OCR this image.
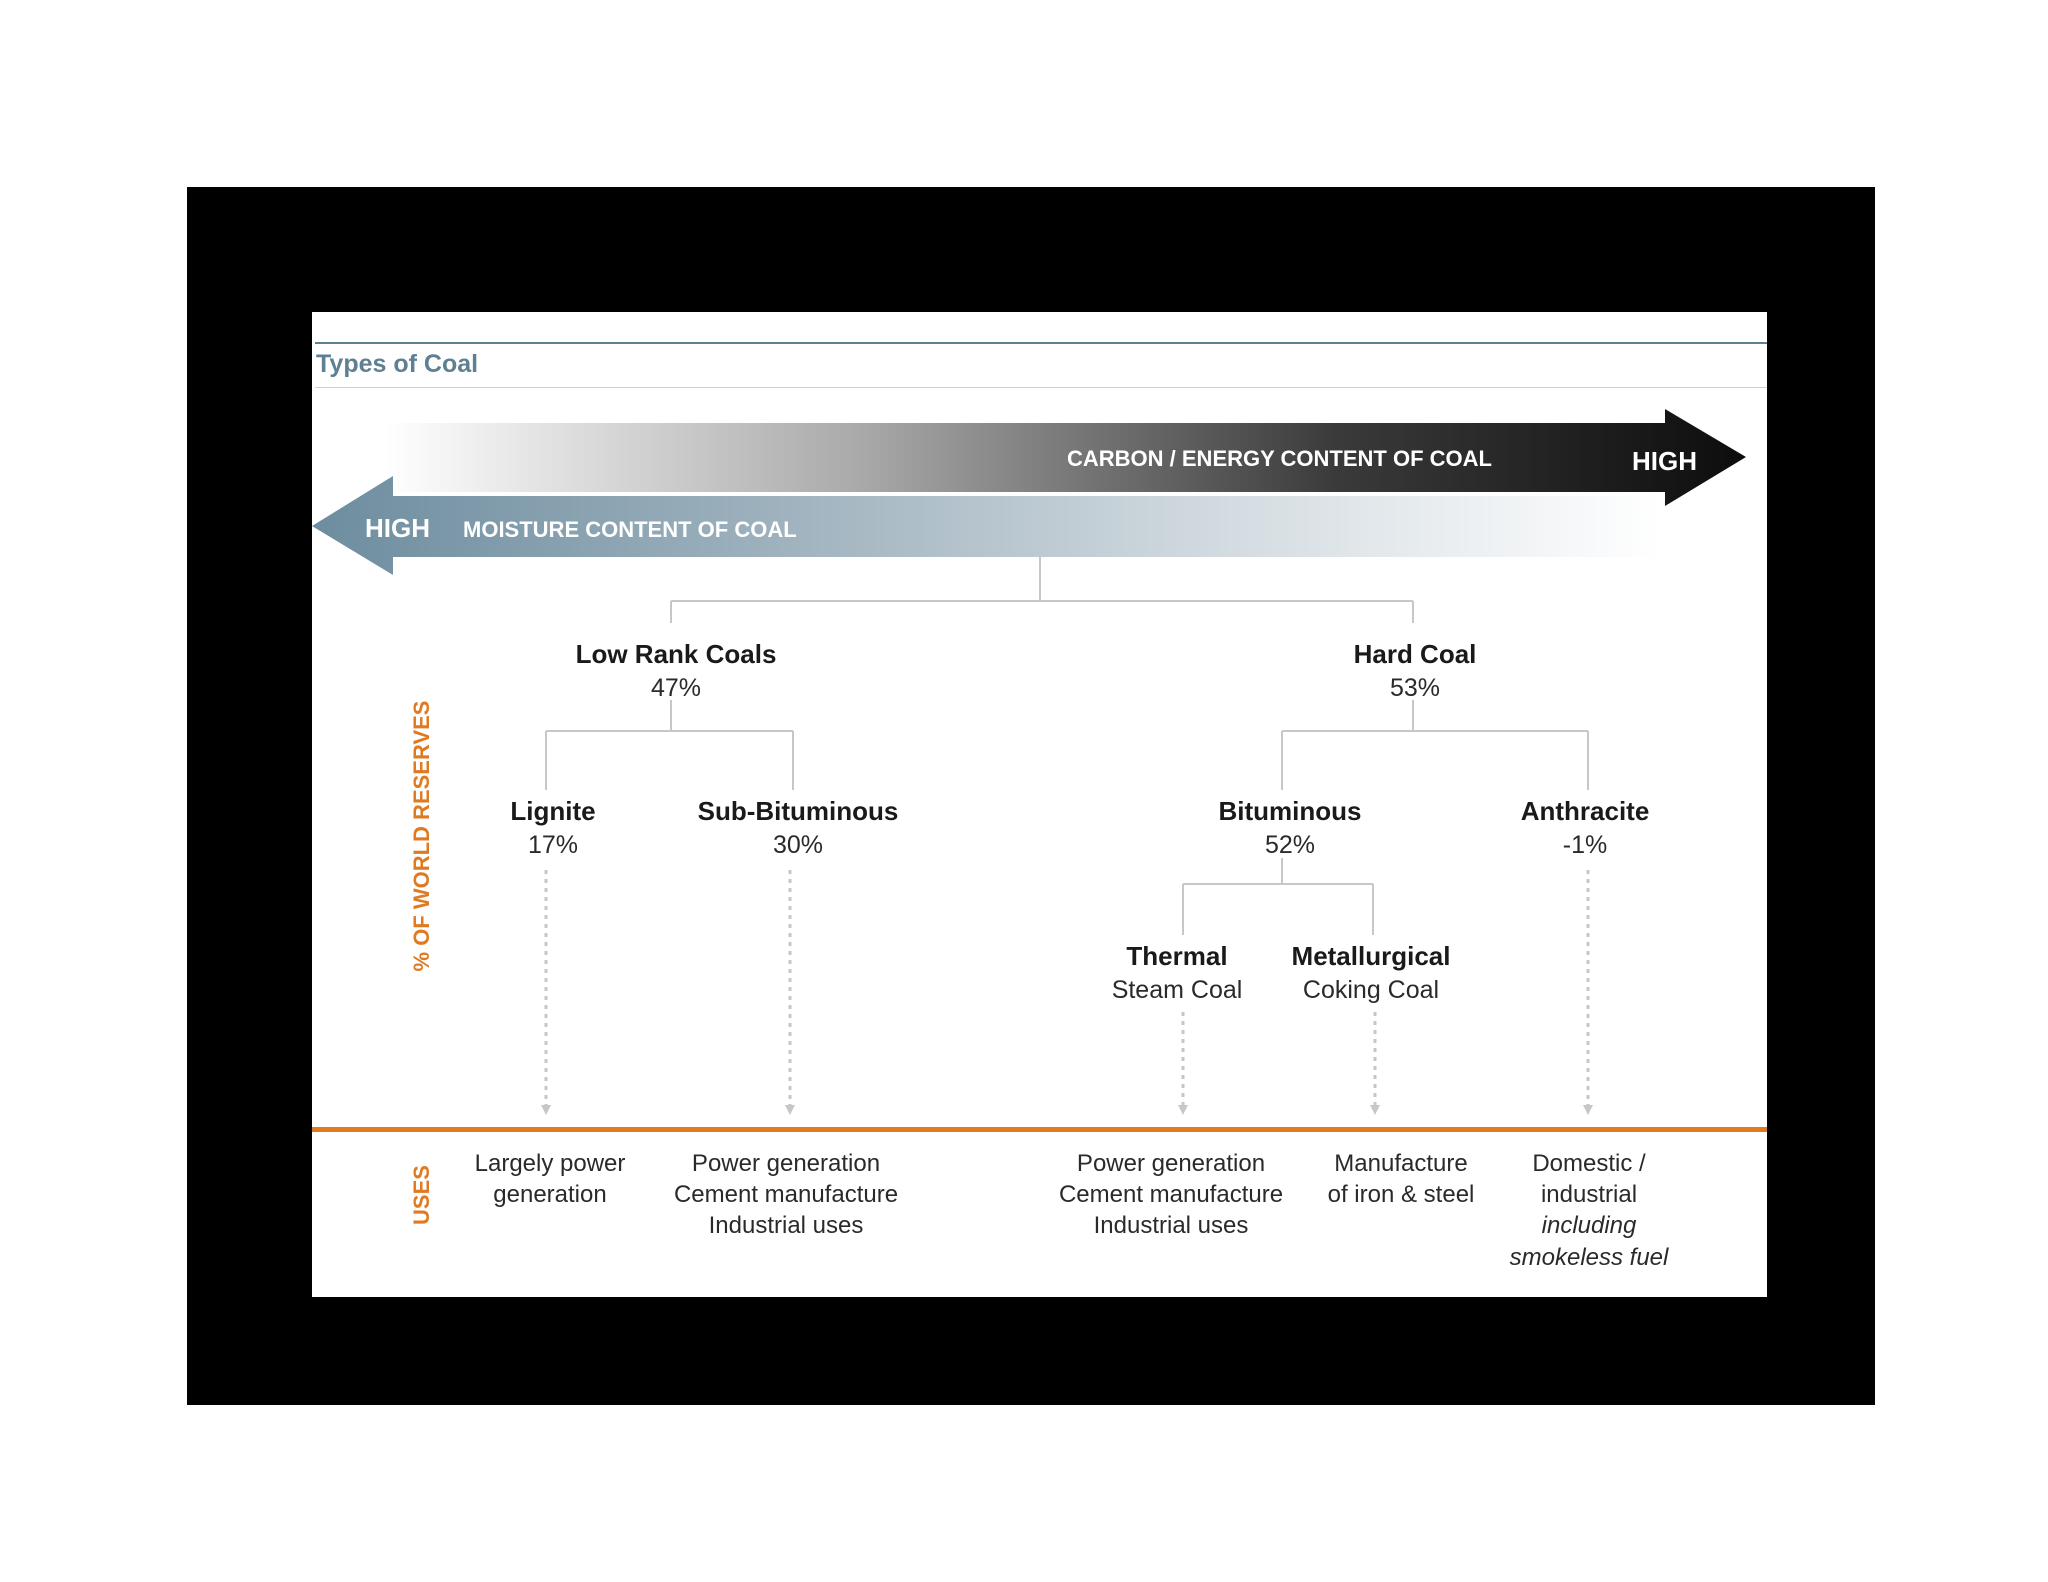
Types of Coal
CARBON / ENERGY CONTENT OF COAL	HIGH
HIGH MOISTURE CONTENT OF COAL
% OF WORLD RESERVES
USES
Low Rank Coals
47%
Hard Coal
53%
Lignite
17%
Sub-Bituminous
30%
Bituminous
52%
Anthracite
-1%
Thermal
Steam Coal
Metallurgical
Coking Coal
Largely power
generation
Power generation
Cement manufacture
Industrial uses
Power generation
Cement manufacture
Industrial uses
Manufacture
of iron & steel
Domestic /
industrial
including
smokeless fuel
